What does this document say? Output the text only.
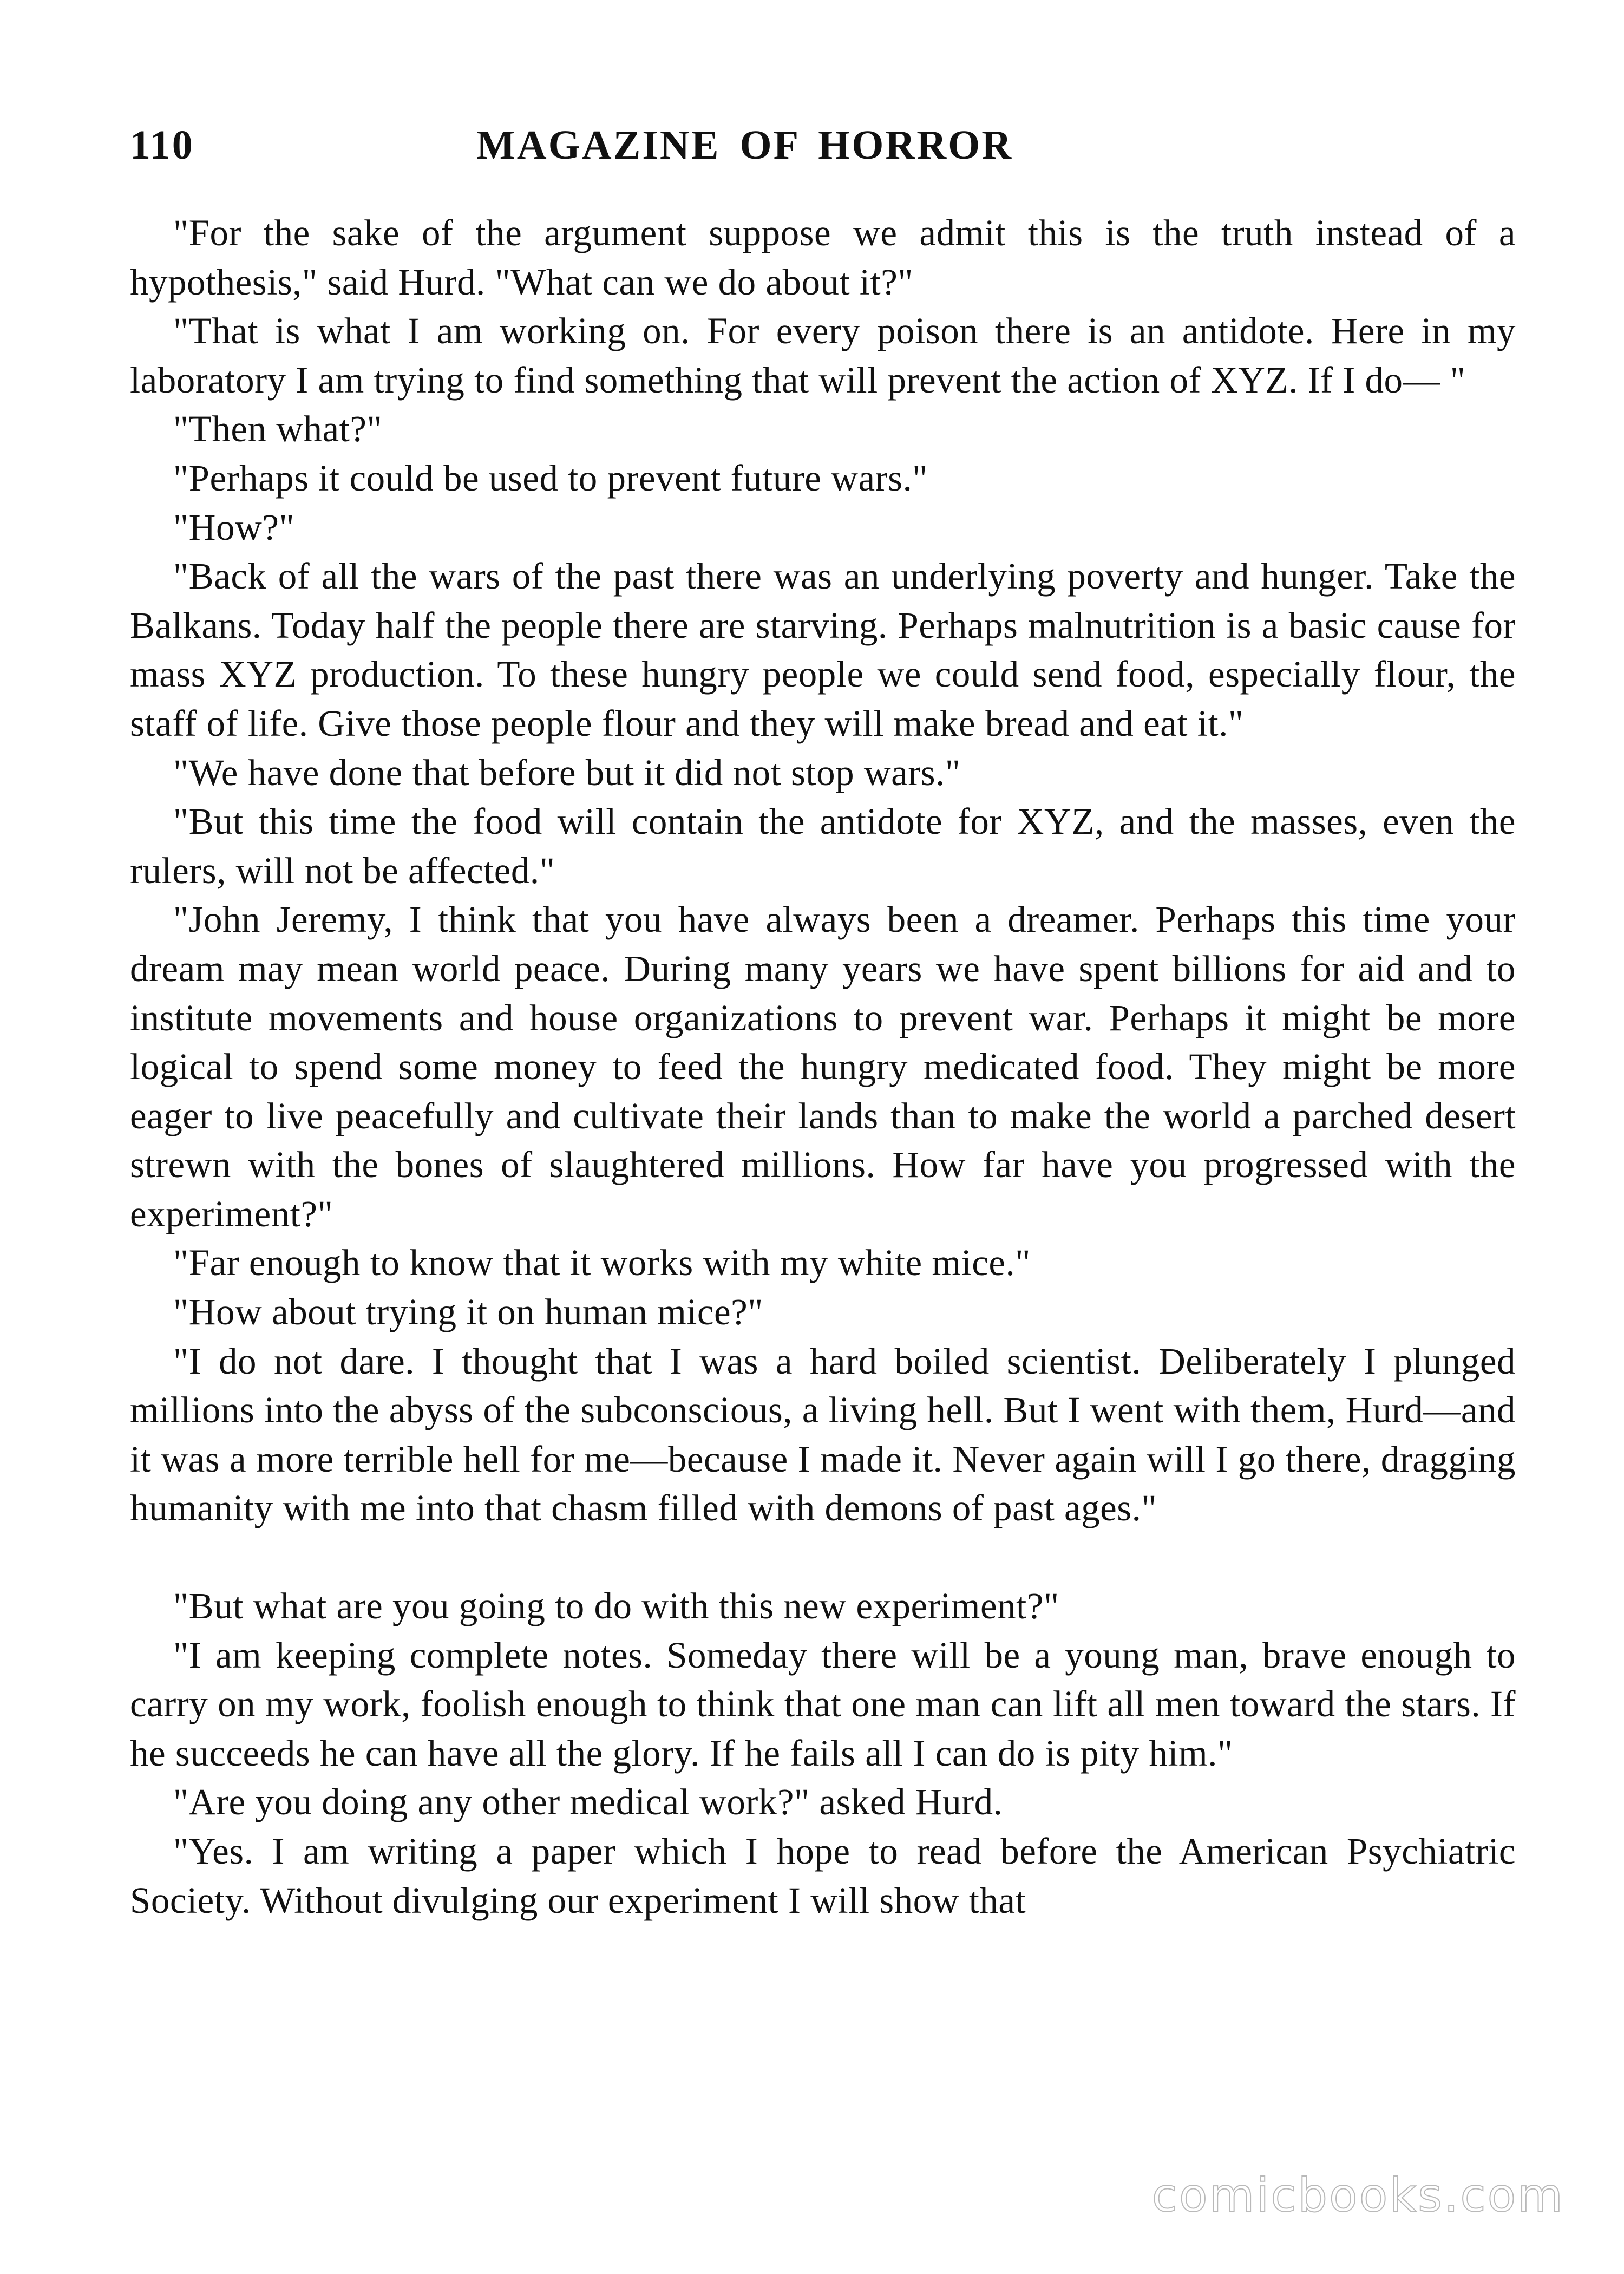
110	MAGAZINE OF HORROR

"For the sake of the argument suppose we admit this is the truth instead of a hypothesis," said Hurd. "What can we do about it?"

"That is what I am working on. For every poison there is an antidote. Here in my laboratory I am trying to find something that will prevent the action of XYZ. If I do— "

"Then what?"

"Perhaps it could be used to prevent future wars."

"How?"

"Back of all the wars of the past there was an underlying poverty and hunger. Take the Balkans. Today half the people there are starving. Perhaps malnutrition is a basic cause for mass XYZ production. To these hungry people we could send food, especially flour, the staff of life. Give those people flour and they will make bread and eat it."

"We have done that before but it did not stop wars."

"But this time the food will contain the antidote for XYZ, and the masses, even the rulers, will not be affected."

"John Jeremy, I think that you have always been a dreamer. Perhaps this time your dream may mean world peace. During many years we have spent billions for aid and to institute movements and house organizations to prevent war. Perhaps it might be more logical to spend some money to feed the hungry medicated food. They might be more eager to live peacefully and cultivate their lands than to make the world a parched desert strewn with the bones of slaughtered millions. How far have you progressed with the experiment?"

"Far enough to know that it works with my white mice."

"How about trying it on human mice?"

"I do not dare. I thought that I was a hard boiled scientist. Deliberately I plunged millions into the abyss of the subconscious, a living hell. But I went with them, Hurd—and it was a more terrible hell for me—because I made it. Never again will I go there, dragging humanity with me into that chasm filled with demons of past ages."

"But what are you going to do with this new experiment?"

"I am keeping complete notes. Someday there will be a young man, brave enough to carry on my work, foolish enough to think that one man can lift all men toward the stars. If he succeeds he can have all the glory. If he fails all I can do is pity him."

"Are you doing any other medical work?" asked Hurd.

"Yes. I am writing a paper which I hope to read before the American Psychiatric Society. Without divulging our experiment I will show that

comicbooks.com
